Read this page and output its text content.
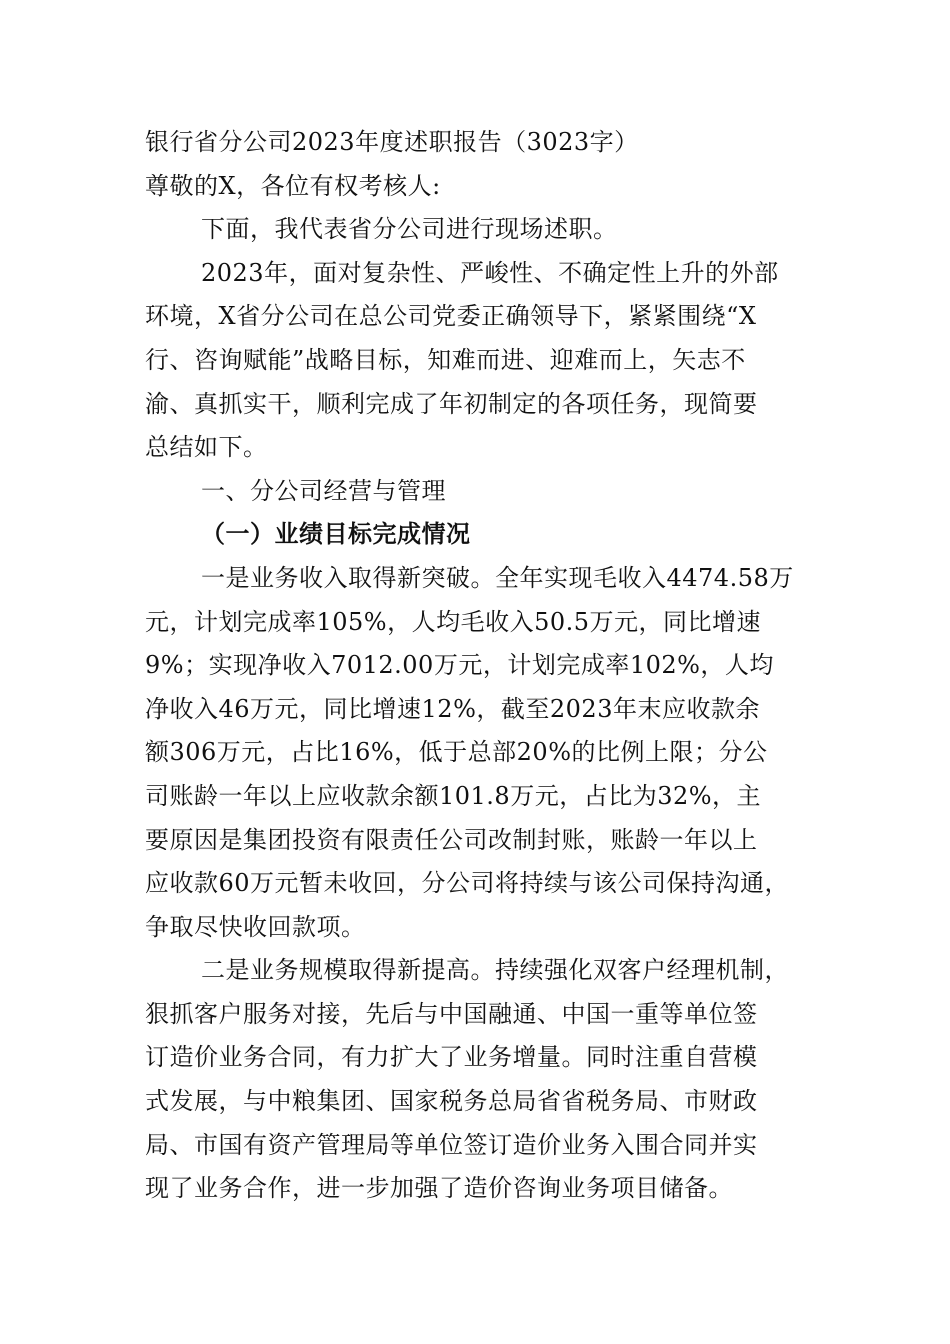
银行省分公司2023年度述职报告（3023字）
尊敬的X，各位有权考核人:
下面，我代表省分公司进行现场述职。
2023年，面对复杂性、严峻性、不确定性上升的外部
环境，X省分公司在总公司党委正确领导下，紧紧围绕“X
行、咨询赋能”战略目标，知难而进、迎难而上，矢志不
渝、真抓实干，顺利完成了年初制定的各项任务，现简要
总结如下。
一、分公司经营与管理
（一）业绩目标完成情况
一是业务收入取得新突破。全年实现毛收入4474.58万
元，计划完成率105%，人均毛收入50.5万元，同比增速
9%；实现净收入7012.00万元，计划完成率102%，人均
净收入46万元，同比增速12%，截至2023年末应收款余
额306万元，占比16%，低于总部20%的比例上限；分公
司账龄一年以上应收款余额101.8万元，占比为32%，主
要原因是集团投资有限责任公司改制封账，账龄一年以上
应收款60万元暂未收回，分公司将持续与该公司保持沟通，
争取尽快收回款项。
二是业务规模取得新提高。持续强化双客户经理机制，
狠抓客户服务对接，先后与中国融通、中国一重等单位签
订造价业务合同，有力扩大了业务增量。同时注重自营模
式发展，与中粮集团、国家税务总局省省税务局、市财政
局、市国有资产管理局等单位签订造价业务入围合同并实
现了业务合作，进一步加强了造价咨询业务项目储备。
